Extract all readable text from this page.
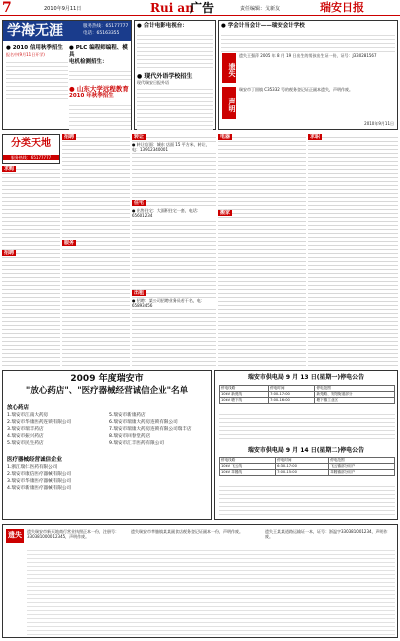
7	2010年9月11日	Rui an
广告	责任编辑：戈新友	瑞安日报
学海无涯	服务热线：65177777
电话：65163355
● 2010 信用秋季招生
报名中(9月11日开学)
● PLC 编程师编程、模具
电机检测招生：
● 山东大学远程教育
2010 年秋季招生
● 合计电影电视台：
● 现代外语学校招生
现代瑞安日报外语
● 学会计当会计——瑞安会计学校
遗失
遗失王强萍 2005 年 8 月 19 日出生的男孩出生证一份，证号：J330281567
声明
瑞安市丁固镇 C35332 号的税务登记证正副本遗失，声明作废。
2010年9月11日
分类天地
服务热线：65177777
求购
招聘
招聘
服务
转让
● 转让店面：城东 店面 15 平方米，转让，电：13912340001
住宅
● 出售住宅：大面积住宅一套，电话：65601234
出租
● 招聘：某公司招聘业务员若干名，电：65893456
电器
搬家
求职
2009 年度瑞安市
"放心药店"、"医疗器械经营诚信企业"名单
放心药店
1.瑞安市江南大药房
2.瑞安市华康医药连锁有限公司
3.瑞安市瑞丰药店
4.瑞安市振兴药店
5.瑞安市民生药店
5.瑞安市新康药店
6.瑞安市瑞康大药房连锁有限公司
7.瑞安市瑞康大药房连锁有限公司瑞丰店
8.瑞安市回春堂药店
9.瑞安市汇丰医药有限公司
医疗器械经营诚信企业
1.浙江瑞仁医药有限公司
2.瑞安市康信医疗器械有限公司
3.瑞安市华康医疗器械有限公司
4.瑞安市新康医疗器械有限公司
瑞安市供电局 9 月 13 日(星期一)停电公告
停电线路	停电时间	停电范围
10kV 新苑线	7:00-17:00	新苑路、安阳街道部分
10kV 塘下线	7:00-16:00	塘下镇工业区
瑞安市供电局 9 月 14 日(星期二)停电公告
停电线路	停电时间	停电范围
10kV 飞云线	6:30-17:00	飞云镇部分用户
10kV 莘塍线	7:00-15:00	莘塍镇部分用户
遗失	遗失瑞安市新天地商行营业执照正本一份，注册号：330381000012345，声明作废。
遗失瑞安市莘塍镇某某副食店税务登记证副本一份，声明作废。	遗失王某某道路运输证一本，证号：浙温字330381001234，声明作废。
